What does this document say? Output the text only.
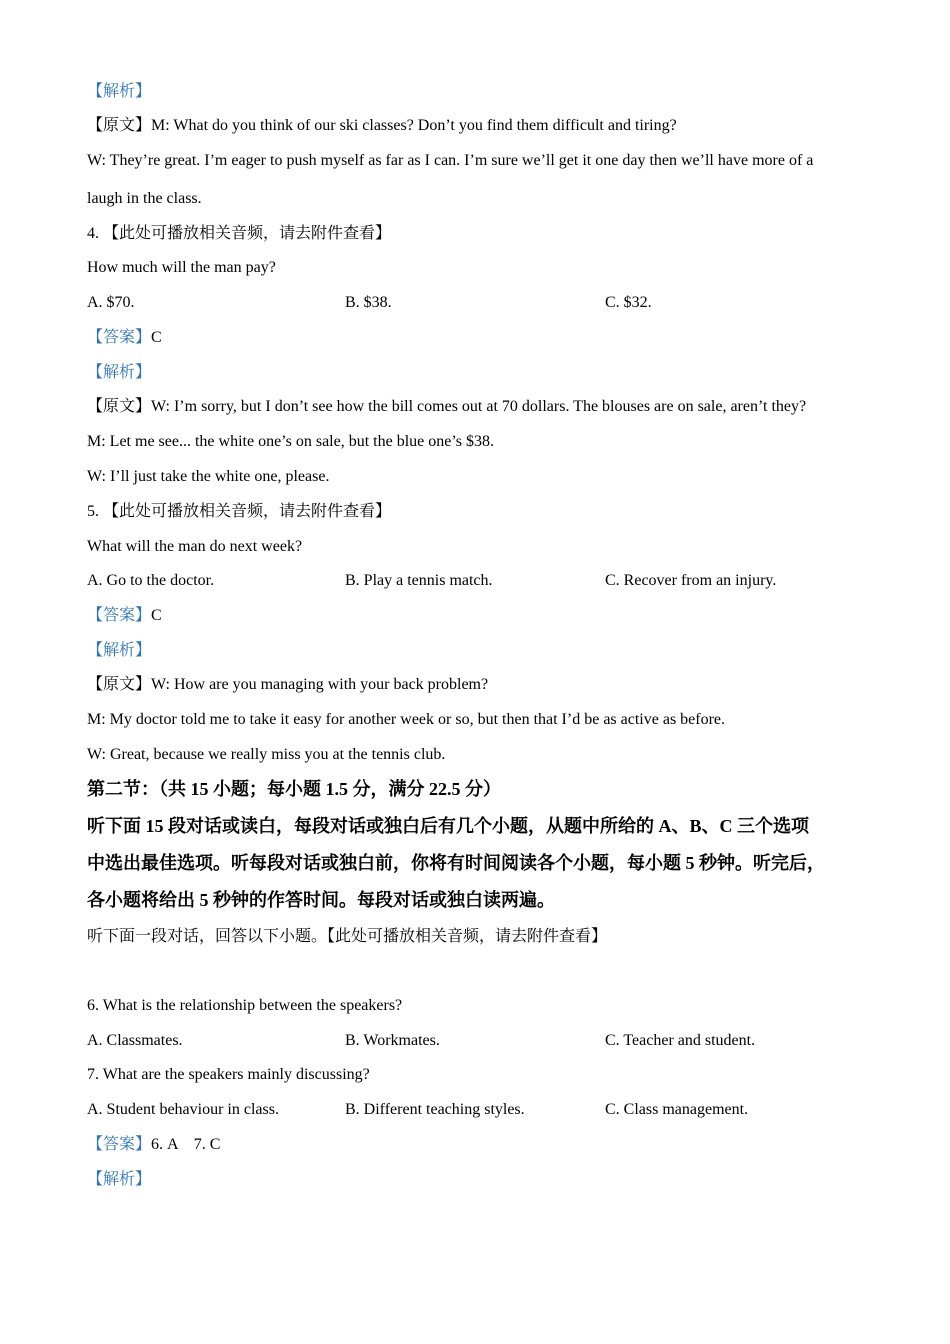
【解析】
【原文】M: What do you think of our ski classes? Don’t you find them difficult and tiring?
W: They’re great. I’m eager to push myself as far as I can. I’m sure we’ll get it one day then we’ll have more of a
laugh in the class.
4. 【此处可播放相关音频，请去附件查看】
How much will the man pay?
A. $70.	B. $38.	C. $32.
【答案】C
【解析】
【原文】W: I’m sorry, but I don’t see how the bill comes out at 70 dollars. The blouses are on sale, aren’t they?
M: Let me see... the white one’s on sale, but the blue one’s $38.
W: I’ll just take the white one, please.
5. 【此处可播放相关音频，请去附件查看】
What will the man do next week?
A. Go to the doctor.	B. Play a tennis match.	C. Recover from an injury.
【答案】C
【解析】
【原文】W: How are you managing with your back problem?
M: My doctor told me to take it easy for another week or so, but then that I’d be as active as before.
W: Great, because we really miss you at the tennis club.
第二节：（共 15 小题；每小题 1.5 分，满分 22.5 分）
听下面 15 段对话或读白，每段对话或独白后有几个小题，从题中所给的 A、B、C 三个选项
中选出最佳选项。听每段对话或独白前，你将有时间阅读各个小题，每小题 5 秒钟。听完后，
各小题将给出 5 秒钟的作答时间。每段对话或独白读两遍。
听下面一段对话，回答以下小题。【此处可播放相关音频，请去附件查看】
6. What is the relationship between the speakers?
A. Classmates.	B. Workmates.	C. Teacher and student.
7. What are the speakers mainly discussing?
A. Student behaviour in class.	B. Different teaching styles.	C. Class management.
【答案】6. A    7. C
【解析】
